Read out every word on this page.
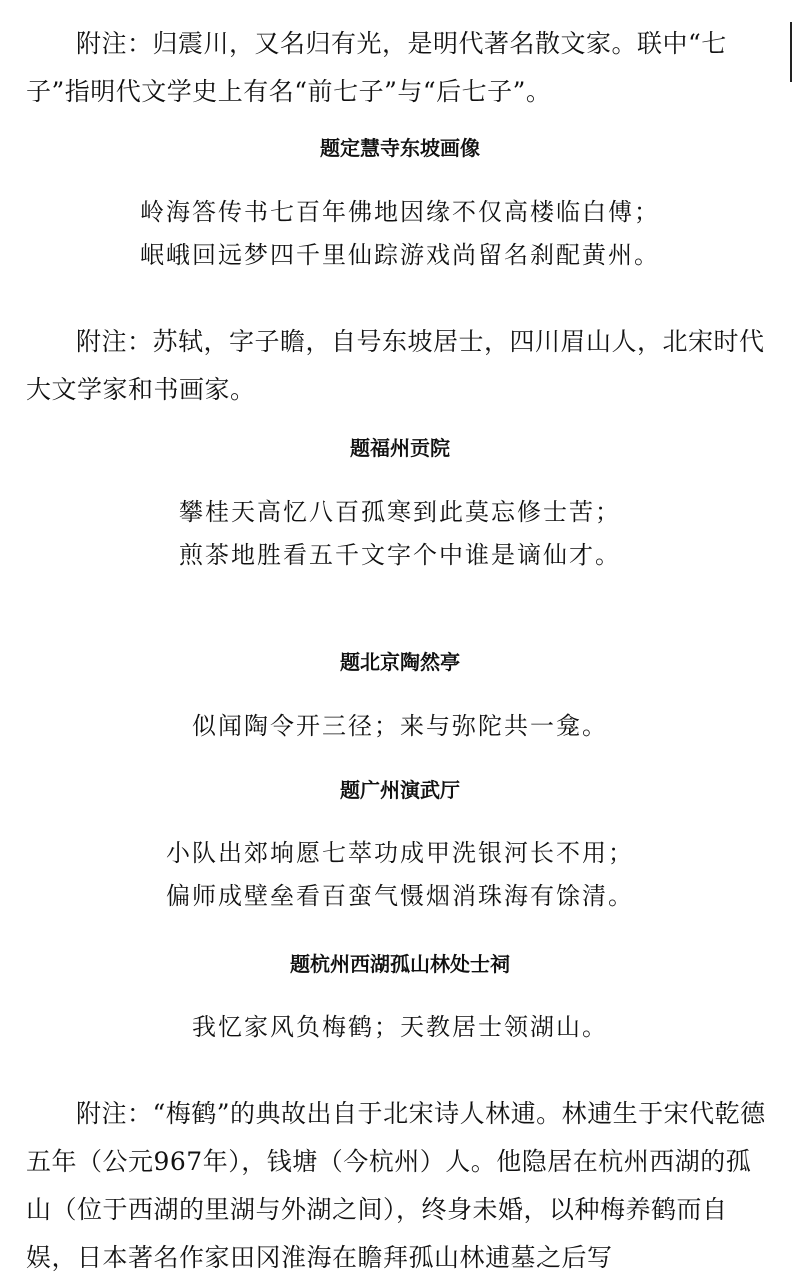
附注：归震川，又名归有光，是明代著名散文家。联中“七子”指明代文学史上有名“前七子”与“后七子”。

题定慧寺东坡画像

岭海答传书七百年佛地因缘不仅高楼临白傅；

岷峨回远梦四千里仙踪游戏尚留名刹配黄州。

附注：苏轼，字子瞻，自号东坡居士，四川眉山人，北宋时代大文学家和书画家。

题福州贡院

攀桂天高忆八百孤寒到此莫忘修士苦；

煎茶地胜看五千文字个中谁是谪仙才。

题北京陶然亭

似闻陶令开三径；来与弥陀共一龛。

题广州演武厅

小队出郊垧愿七萃功成甲洗银河长不用；

偏师成壁垒看百蛮气慑烟消珠海有馀清。

题杭州西湖孤山林处士祠

我忆家风负梅鹤；天教居士领湖山。

附注：“梅鹤”的典故出自于北宋诗人林逋。林逋生于宋代乾德五年（公元967年），钱塘（今杭州）人。他隐居在杭州西湖的孤山（位于西湖的里湖与外湖之间），终身未婚，以种梅养鹤而自娱，日本著名作家田冈淮海在瞻拜孤山林逋墓之后写
